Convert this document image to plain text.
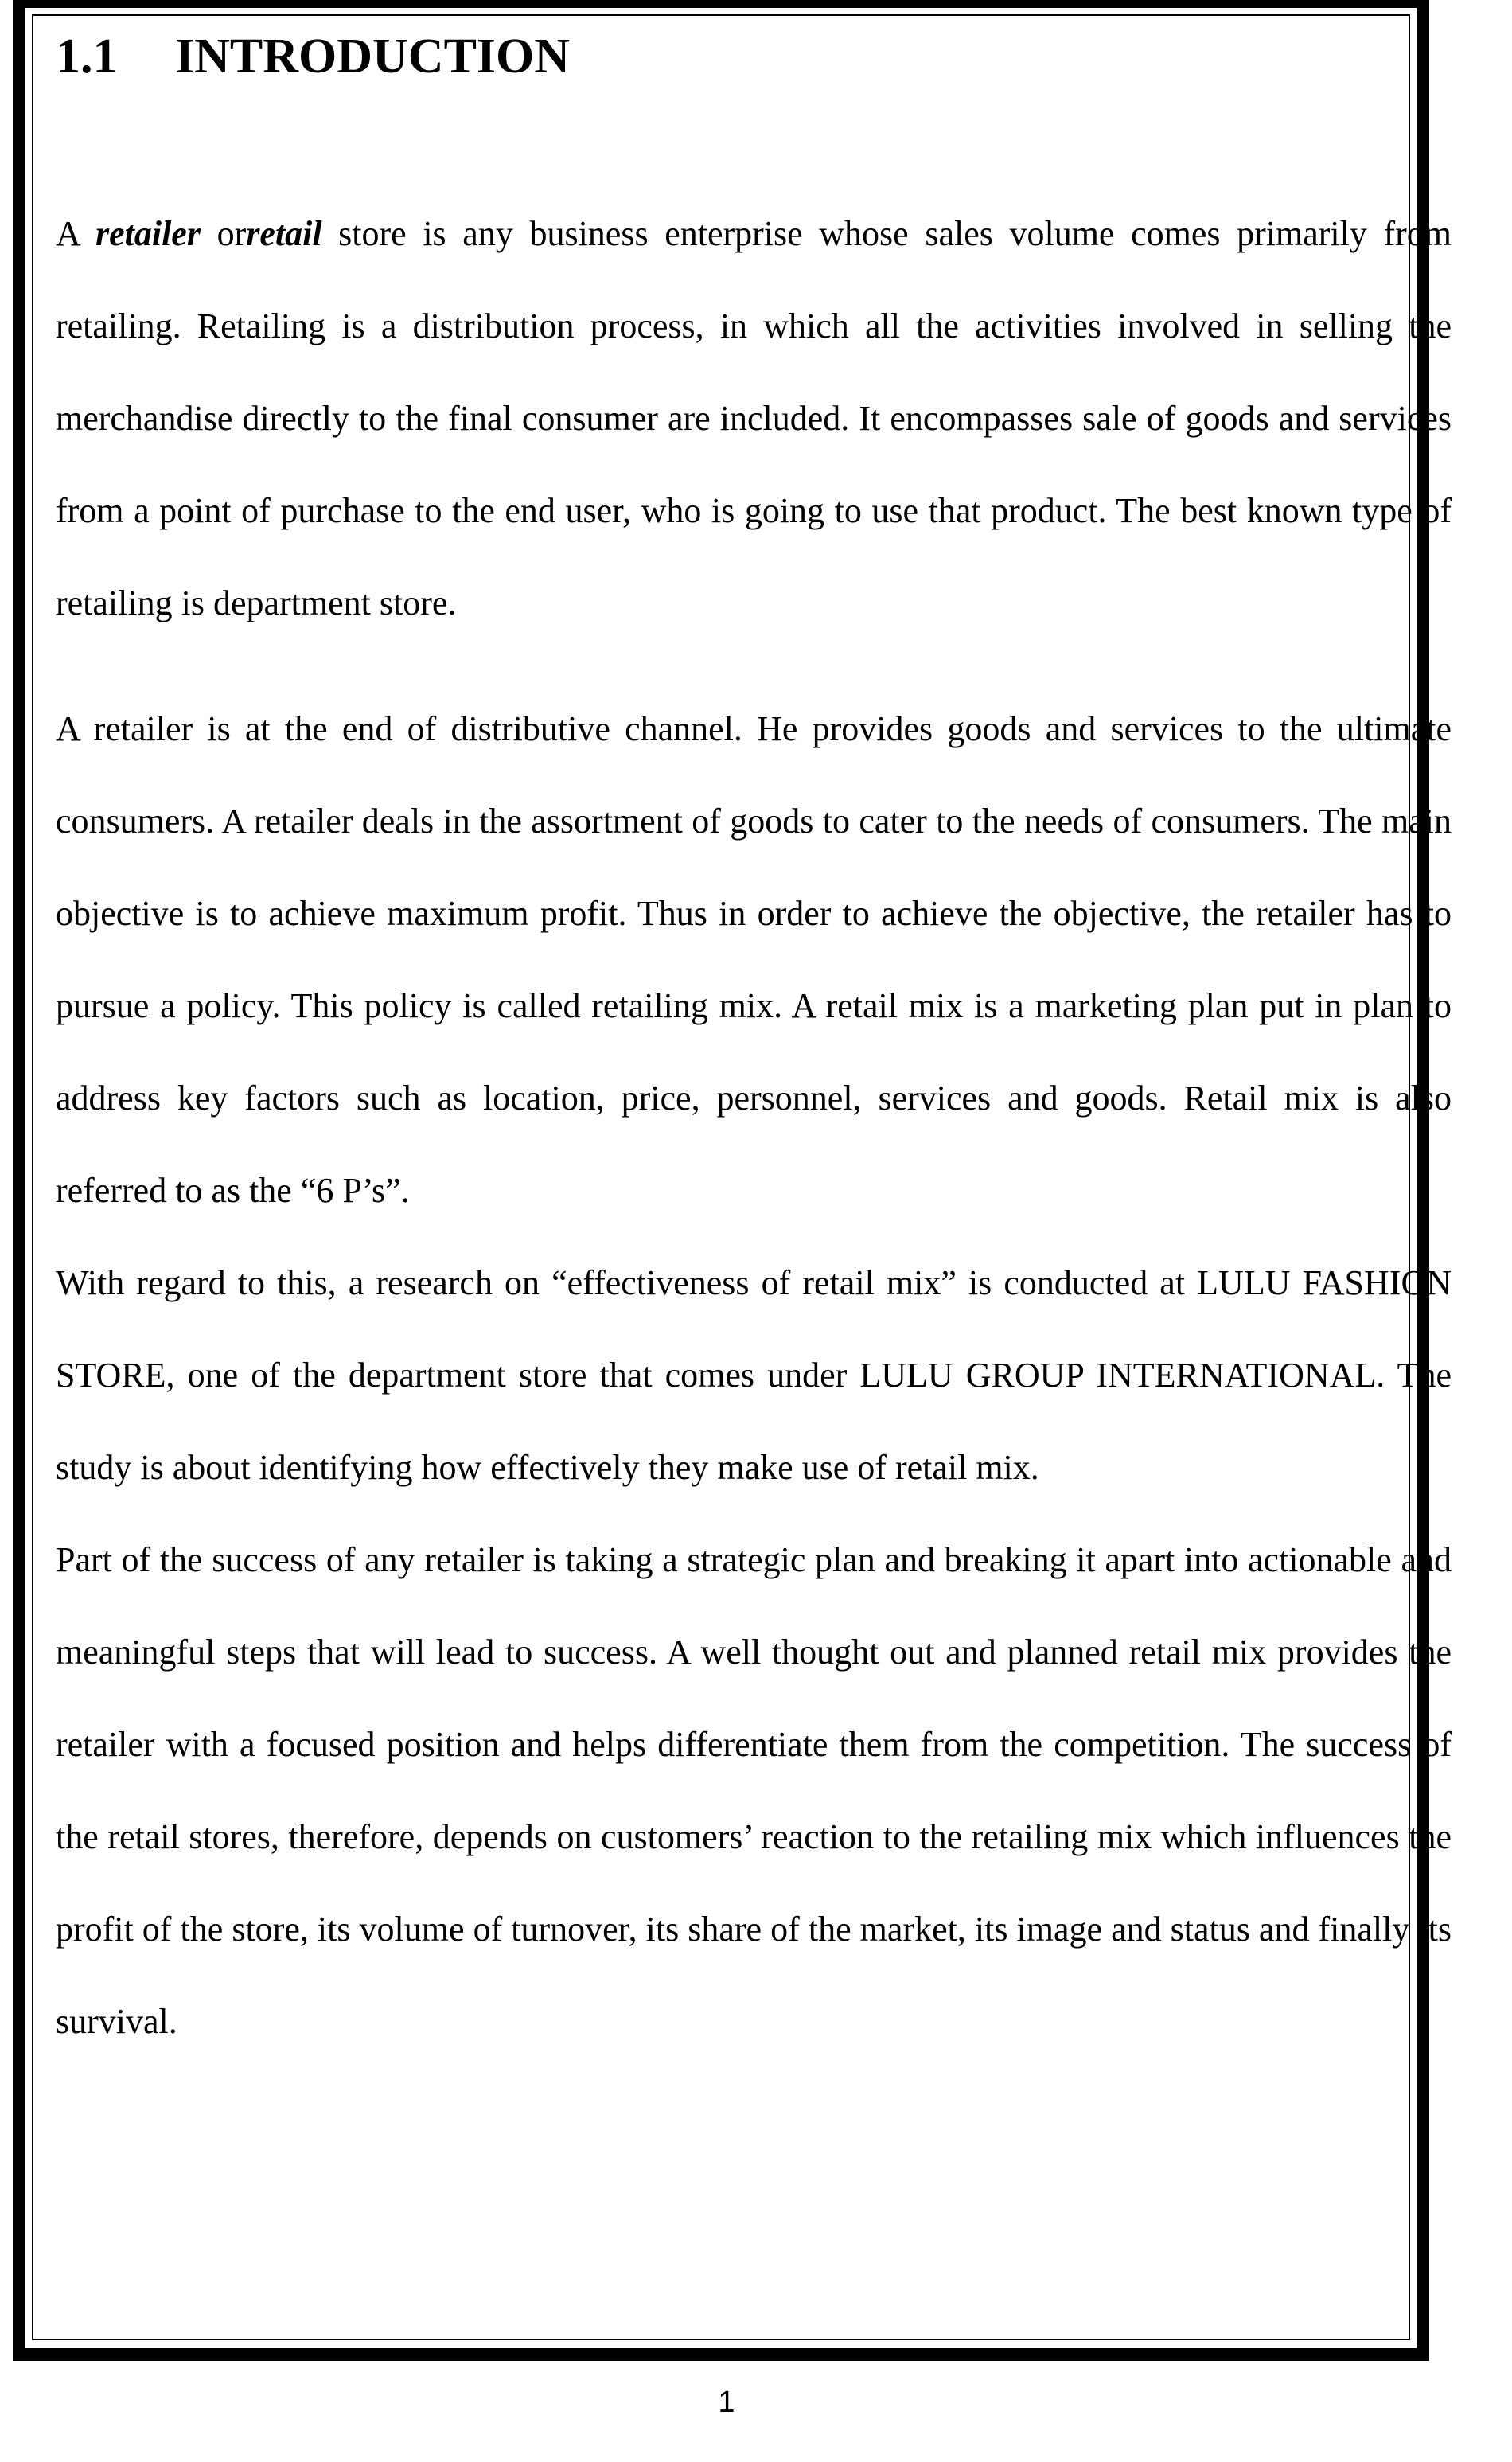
1.1 INTRODUCTION

A retailer orretail store is any business enterprise whose sales volume comes primarily from retailing. Retailing is a distribution process, in which all the activities involved in selling the merchandise directly to the final consumer are included. It encompasses sale of goods and services from a point of purchase to the end user, who is going to use that product. The best known type of retailing is department store.

A retailer is at the end of distributive channel. He provides goods and services to the ultimate consumers. A retailer deals in the assortment of goods to cater to the needs of consumers. The main objective is to achieve maximum profit. Thus in order to achieve the objective, the retailer has to pursue a policy. This policy is called retailing mix. A retail mix is a marketing plan put in plan to address key factors such as location, price, personnel, services and goods. Retail mix is also referred to as the “6 P’s”.

With regard to this, a research on “effectiveness of retail mix” is conducted at LULU FASHION STORE, one of the department store that comes under LULU GROUP INTERNATIONAL. The study is about identifying how effectively they make use of retail mix.

Part of the success of any retailer is taking a strategic plan and breaking it apart into actionable and meaningful steps that will lead to success. A well thought out and planned retail mix provides the retailer with a focused position and helps differentiate them from the competition. The success of the retail stores, therefore, depends on customers’ reaction to the retailing mix which influences the profit of the store, its volume of turnover, its share of the market, its image and status and finally its survival.

1
